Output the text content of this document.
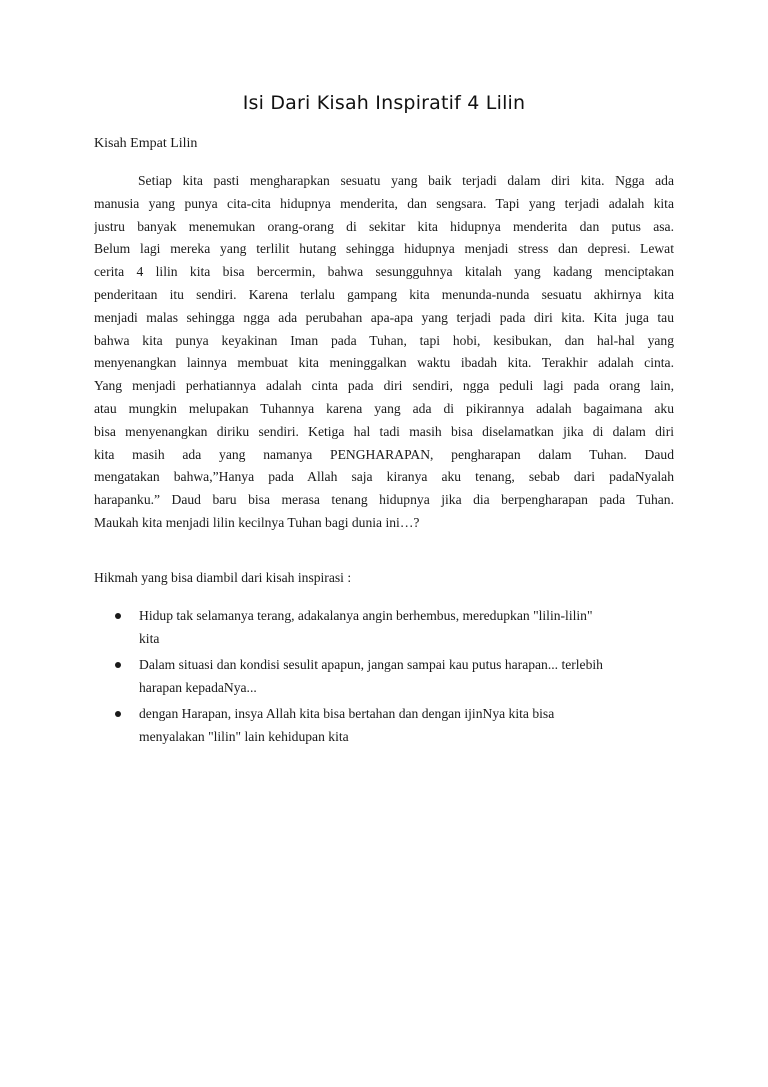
Isi Dari Kisah Inspiratif 4 Lilin
Kisah Empat Lilin
Setiap kita pasti mengharapkan sesuatu yang baik terjadi dalam diri kita. Ngga ada
manusia yang punya cita-cita hidupnya menderita, dan sengsara. Tapi yang terjadi adalah kita
justru banyak menemukan orang-orang di sekitar kita hidupnya menderita dan putus asa.
Belum lagi mereka yang terlilit hutang sehingga hidupnya menjadi stress dan depresi. Lewat
cerita 4 lilin kita bisa bercermin, bahwa sesungguhnya kitalah yang kadang menciptakan
penderitaan itu sendiri. Karena terlalu gampang kita menunda-nunda sesuatu akhirnya kita
menjadi malas sehingga ngga ada perubahan apa-apa yang terjadi pada diri kita. Kita juga tau
bahwa kita punya keyakinan Iman pada Tuhan, tapi hobi, kesibukan, dan hal-hal yang
menyenangkan lainnya membuat kita meninggalkan waktu ibadah kita. Terakhir adalah cinta.
Yang menjadi perhatiannya adalah cinta pada diri sendiri, ngga peduli lagi pada orang lain,
atau mungkin melupakan Tuhannya karena yang ada di pikirannya adalah bagaimana aku
bisa menyenangkan diriku sendiri. Ketiga hal tadi masih bisa diselamatkan jika di dalam diri
kita masih ada yang namanya PENGHARAPAN, pengharapan dalam Tuhan. Daud
mengatakan bahwa,”Hanya pada Allah saja kiranya aku tenang, sebab dari padaNyalah
harapanku.” Daud baru bisa merasa tenang hidupnya jika dia berpengharapan pada Tuhan.
Maukah kita menjadi lilin kecilnya Tuhan bagi dunia ini…?
Hikmah yang bisa diambil dari kisah inspirasi :
Hidup tak selamanya terang, adakalanya angin berhembus, meredupkan "lilin-lilin"
kita
Dalam situasi dan kondisi sesulit apapun, jangan sampai kau putus harapan... terlebih
harapan kepadaNya...
dengan Harapan, insya Allah kita bisa bertahan dan dengan ijinNya kita bisa
menyalakan "lilin" lain kehidupan kita
